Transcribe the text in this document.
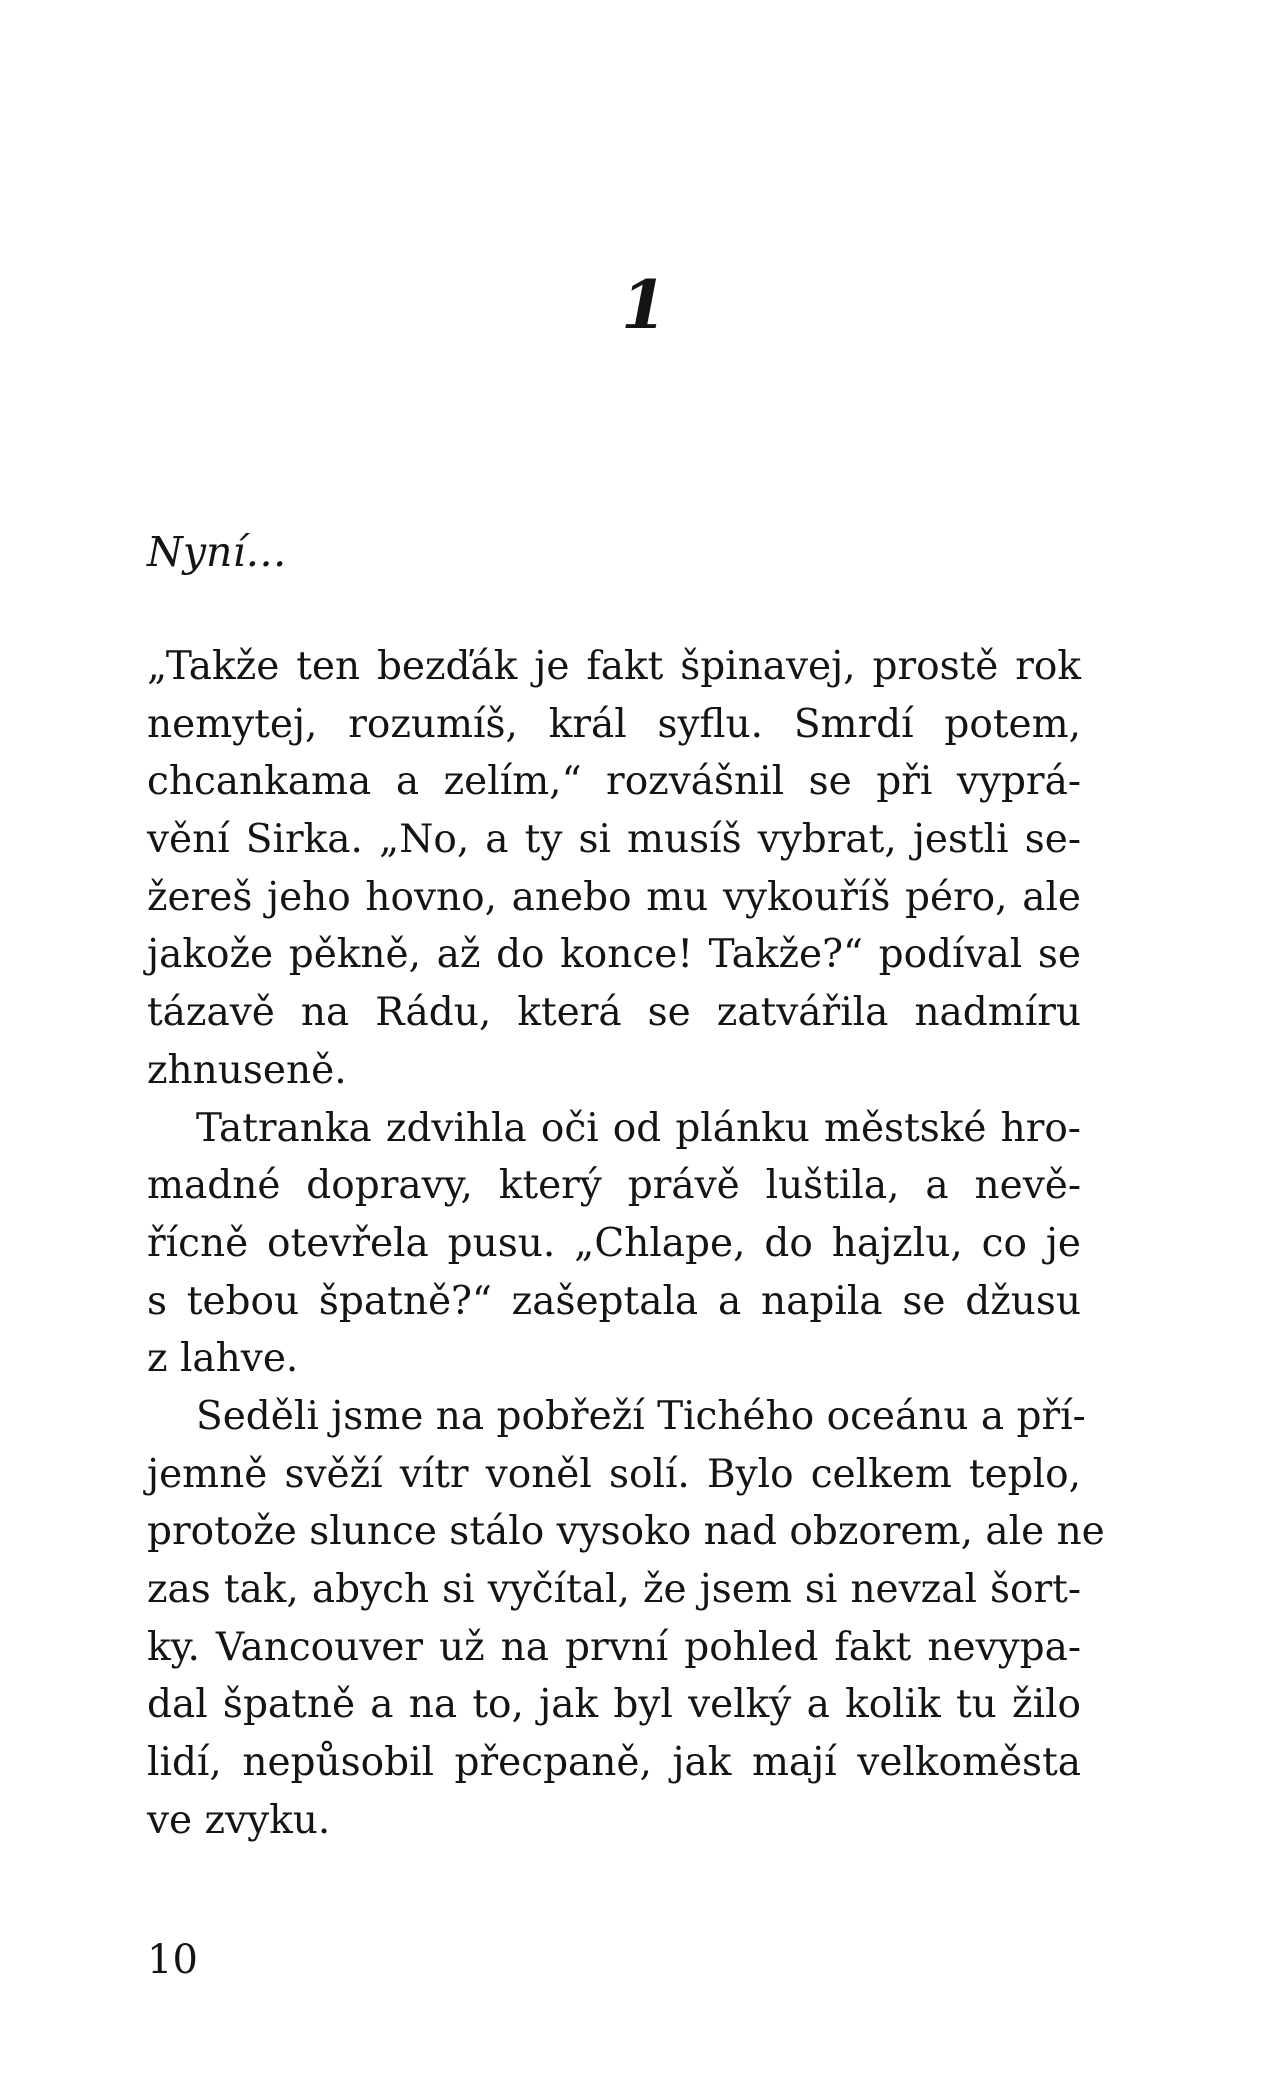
1

Nyní…

„Takže ten bezďák je fakt špinavej, prostě rok
nemytej, rozumíš, král syflu. Smrdí potem,
chcankama a zelím,“ rozvášnil se při vyprá-
vění Sirka. „No, a ty si musíš vybrat, jestli se-
žereš jeho hovno, anebo mu vykouříš péro, ale
jakože pěkně, až do konce! Takže?“ podíval se
tázavě na Rádu, která se zatvářila nadmíru
zhnuseně.
Tatranka zdvihla oči od plánku městské hro-
madné dopravy, který právě luštila, a nevě-
řícně otevřela pusu. „Chlape, do hajzlu, co je
s tebou špatně?“ zašeptala a napila se džusu
z lahve.
Seděli jsme na pobřeží Tichého oceánu a pří-
jemně svěží vítr voněl solí. Bylo celkem teplo,
protože slunce stálo vysoko nad obzorem, ale ne
zas tak, abych si vyčítal, že jsem si nevzal šort-
ky. Vancouver už na první pohled fakt nevypa-
dal špatně a na to, jak byl velký a kolik tu žilo
lidí, nepůsobil přecpaně, jak mají velkoměsta
ve zvyku.

10
